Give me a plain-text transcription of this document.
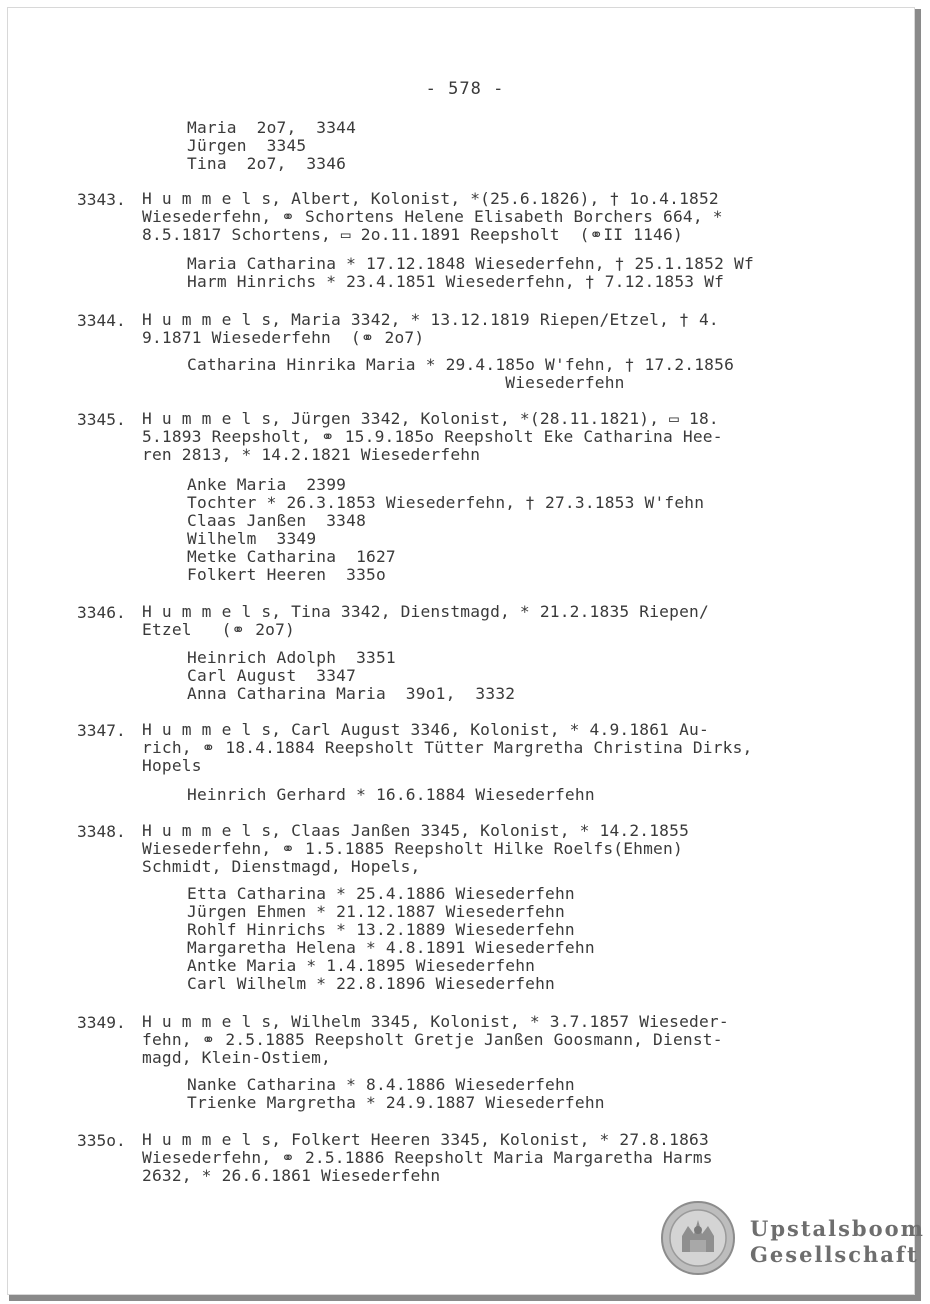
- 578 -
Maria  2o7,  3344
Jürgen  3345
Tina  2o7,  3346
3343. H u m m e l s, Albert, Kolonist, *(25.6.1826), † 1o.4.1852
Wiesederfehn, ⚭ Schortens Helene Elisabeth Borchers 664, *
8.5.1817 Schortens, ▭ 2o.11.1891 Reepsholt  (⚭II 1146)
Maria Catharina * 17.12.1848 Wiesederfehn, † 25.1.1852 Wf
Harm Hinrichs * 23.4.1851 Wiesederfehn, † 7.12.1853 Wf
3344. H u m m e l s, Maria 3342, * 13.12.1819 Riepen/Etzel, † 4.
9.1871 Wiesederfehn  (⚭ 2o7)
Catharina Hinrika Maria * 29.4.185o W'fehn, † 17.2.1856
Wiesederfehn
3345. H u m m e l s, Jürgen 3342, Kolonist, *(28.11.1821), ▭ 18.
5.1893 Reepsholt, ⚭ 15.9.185o Reepsholt Eke Catharina Hee-
ren 2813, * 14.2.1821 Wiesederfehn
Anke Maria  2399
Tochter * 26.3.1853 Wiesederfehn, † 27.3.1853 W'fehn
Claas Janßen  3348
Wilhelm  3349
Metke Catharina  1627
Folkert Heeren  335o
3346. H u m m e l s, Tina 3342, Dienstmagd, * 21.2.1835 Riepen/
Etzel   (⚭ 2o7)
Heinrich Adolph  3351
Carl August  3347
Anna Catharina Maria  39o1,  3332
3347. H u m m e l s, Carl August 3346, Kolonist, * 4.9.1861 Au-
rich, ⚭ 18.4.1884 Reepsholt Tütter Margretha Christina Dirks,
Hopels
Heinrich Gerhard * 16.6.1884 Wiesederfehn
3348. H u m m e l s, Claas Janßen 3345, Kolonist, * 14.2.1855
Wiesederfehn, ⚭ 1.5.1885 Reepsholt Hilke Roelfs(Ehmen)
Schmidt, Dienstmagd, Hopels,
Etta Catharina * 25.4.1886 Wiesederfehn
Jürgen Ehmen * 21.12.1887 Wiesederfehn
Rohlf Hinrichs * 13.2.1889 Wiesederfehn
Margaretha Helena * 4.8.1891 Wiesederfehn
Antke Maria * 1.4.1895 Wiesederfehn
Carl Wilhelm * 22.8.1896 Wiesederfehn
3349. H u m m e l s, Wilhelm 3345, Kolonist, * 3.7.1857 Wieseder-
fehn, ⚭ 2.5.1885 Reepsholt Gretje Janßen Goosmann, Dienst-
magd, Klein-Ostiem,
Nanke Catharina * 8.4.1886 Wiesederfehn
Trienke Margretha * 24.9.1887 Wiesederfehn
335o. H u m m e l s, Folkert Heeren 3345, Kolonist, * 27.8.1863
Wiesederfehn, ⚭ 2.5.1886 Reepsholt Maria Margaretha Harms
2632, * 26.6.1861 Wiesederfehn
Upstalsboom
Gesellschaft
